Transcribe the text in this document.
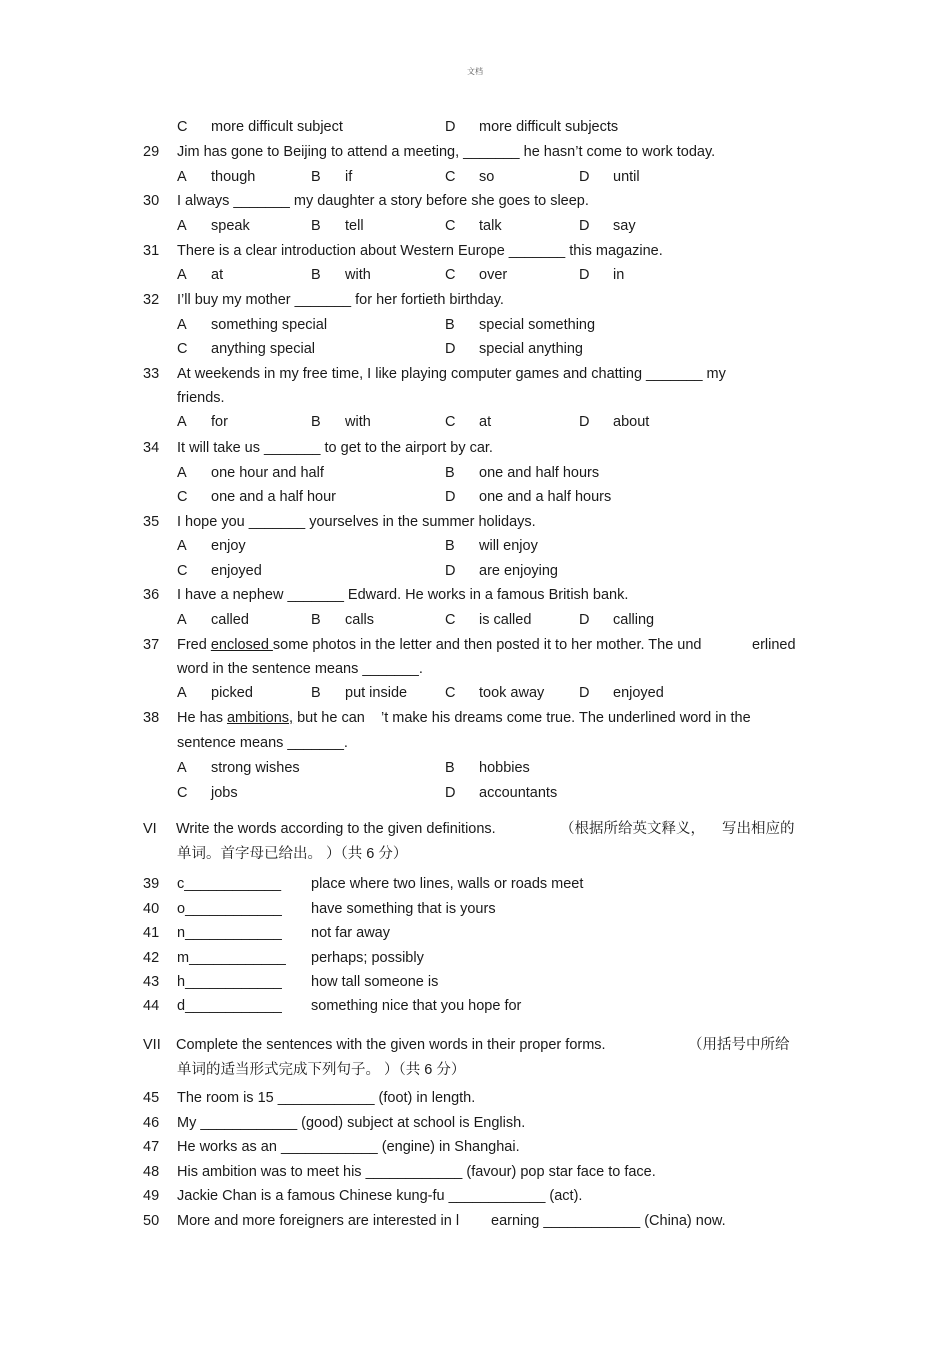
文档
C more difficult subject	D more difficult subjects
29 Jim has gone to Beijing to attend a meeting, _______ he hasn’t come to work today.
A though	B if	C so	D until
30 I always _______ my daughter a story before she goes to sleep.
A speak	B tell	C talk	D say
31 There is a clear introduction about Western Europe _______ this magazine.
A at	B with	C over	D in
32 I’ll buy my mother _______ for her fortieth birthday.
A something special	B special something
C anything special	D special anything
33 At weekends in my free time, I like playing computer games and chatting _______ my
friends.
A for	B with	C at	D about
34 It will take us _______ to get to the airport by car.
A one hour and half	B one and half hours
C one and a half hour	D one and a half hours
35 I hope you _______ yourselves in the summer holidays.
A enjoy	B will enjoy
C enjoyed	D are enjoying
36 I have a nephew _______ Edward. He works in a famous British bank.
A called	B calls	C is called	D calling
37 Fred enclosed some photos in the letter and then posted it to her mother. The und	erlined
word in the sentence means _______.
A picked	B put inside	C took away D enjoyed
38 He has ambitions, but he can ’t make his dreams come true. The underlined word in the
sentence means _______.
A strong wishes	B hobbies
C jobs	D accountants
VI Write the words according to the given definitions.	（根据所给英文释义， 写出相应的
单词。首字母已给出。 ）（共 6 分）
39 c____________ place where two lines, walls or roads meet
40 o____________ have something that is yours
41 n____________ not far away
42 m____________ perhaps; possibly
43 h____________ how tall someone is
44 d____________ something nice that you hope for
VII Complete the sentences with the given words in their proper forms.	（用括号中所给
单词的适当形式完成下列句子。 ）（共 6 分）
45 The room is 15 ____________ (foot) in length.
46 My ____________ (good) subject at school is English.
47 He works as an ____________ (engine) in Shanghai.
48 His ambition was to meet his ____________ (favour) pop star face to face.
49 Jackie Chan is a famous Chinese kung-fu ____________ (act).
50 More and more foreigners are interested in l earning ____________ (China) now.
